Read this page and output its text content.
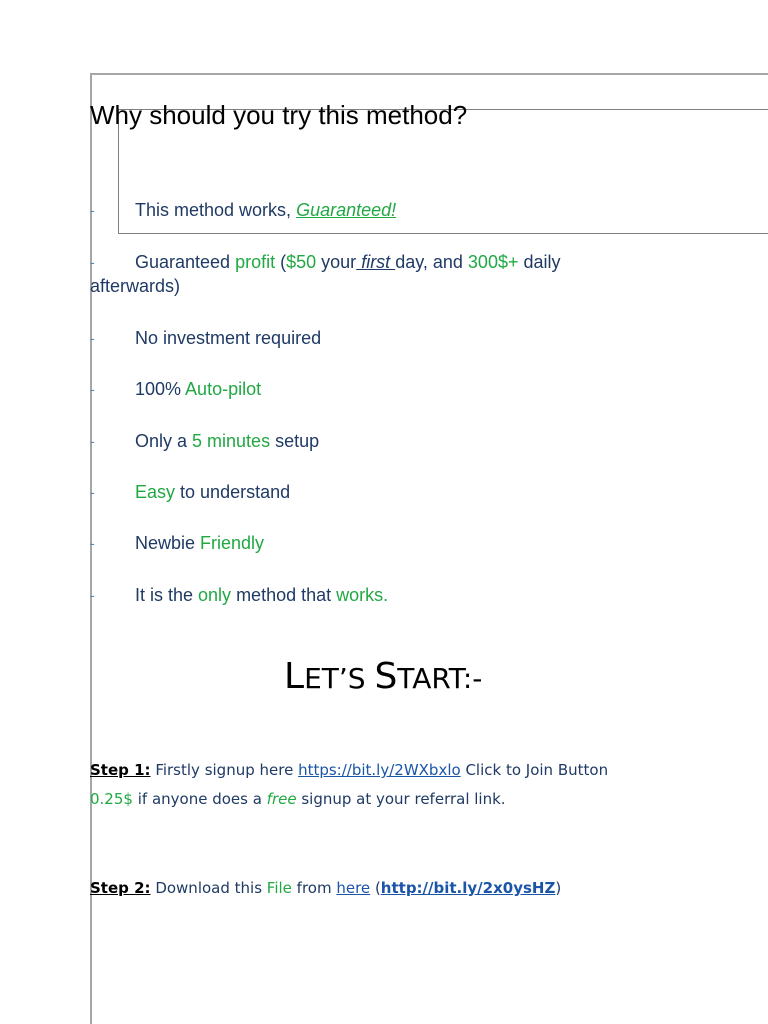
Why should you try this method?
- This method works, Guaranteed!
- Guaranteed profit ($50 your first day, and 300$+ daily
afterwards)
- No investment required
- 100% Auto-pilot
- Only a 5 minutes setup
- Easy to understand
- Newbie Friendly
- It is the only method that works.
LET’S START:-
Step 1: Firstly signup here https://bit.ly/2WXbxlo Click to Join Button
0.25$ if anyone does a free signup at your referral link.
Step 2: Download this File from here (http://bit.ly/2x0ysHZ)
